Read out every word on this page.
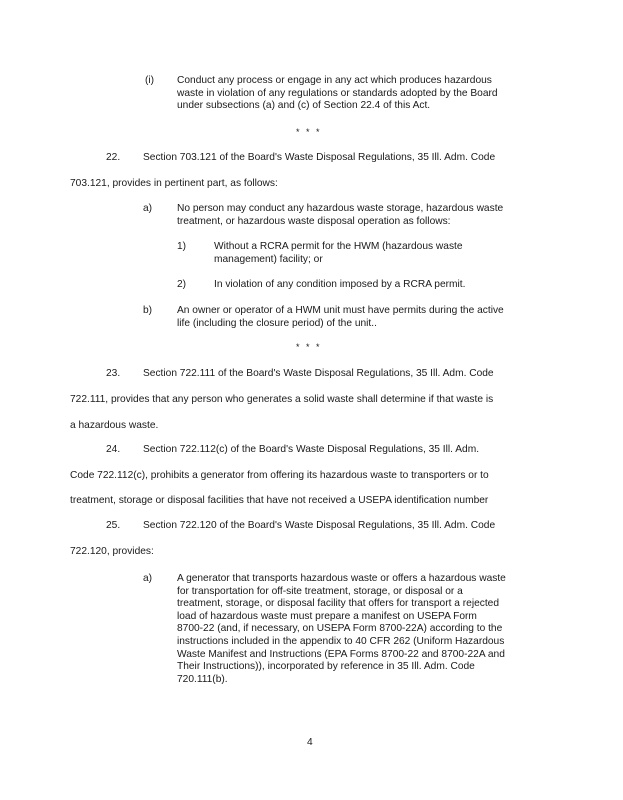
(i) Conduct any process or engage in any act which produces hazardous
waste in violation of any regulations or standards adopted by the Board
under subsections (a) and (c) of Section 22.4 of this Act.
* * *
22. Section 703.121 of the Board's Waste Disposal Regulations, 35 Ill. Adm. Code
703.121, provides in pertinent part, as follows:
a) No person may conduct any hazardous waste storage, hazardous waste
treatment, or hazardous waste disposal operation as follows:
1)	Without a RCRA permit for the HWM (hazardous waste
management) facility; or
2)	In violation of any condition imposed by a RCRA permit.
b) An owner or operator of a HWM unit must have permits during the active
life (including the closure period) of the unit..
* * *
23. Section 722.111 of the Board's Waste Disposal Regulations, 35 Ill. Adm. Code
722.111, provides that any person who generates a solid waste shall determine if that waste is
a hazardous waste.
24. Section 722.112(c) of the Board's Waste Disposal Regulations, 35 Ill. Adm.
Code 722.112(c), prohibits a generator from offering its hazardous waste to transporters or to
treatment, storage or disposal facilities that have not received a USEPA identification number
25. Section 722.120 of the Board's Waste Disposal Regulations, 35 Ill. Adm. Code
722.120, provides:
a) A generator that transports hazardous waste or offers a hazardous waste
for transportation for off-site treatment, storage, or disposal or a
treatment, storage, or disposal facility that offers for transport a rejected
load of hazardous waste must prepare a manifest on USEPA Form
8700-22 (and, if necessary, on USEPA Form 8700-22A) according to the
instructions included in the appendix to 40 CFR 262 (Uniform Hazardous
Waste Manifest and Instructions (EPA Forms 8700-22 and 8700-22A and
Their Instructions)), incorporated by reference in 35 Ill. Adm. Code
720.111(b).
4
